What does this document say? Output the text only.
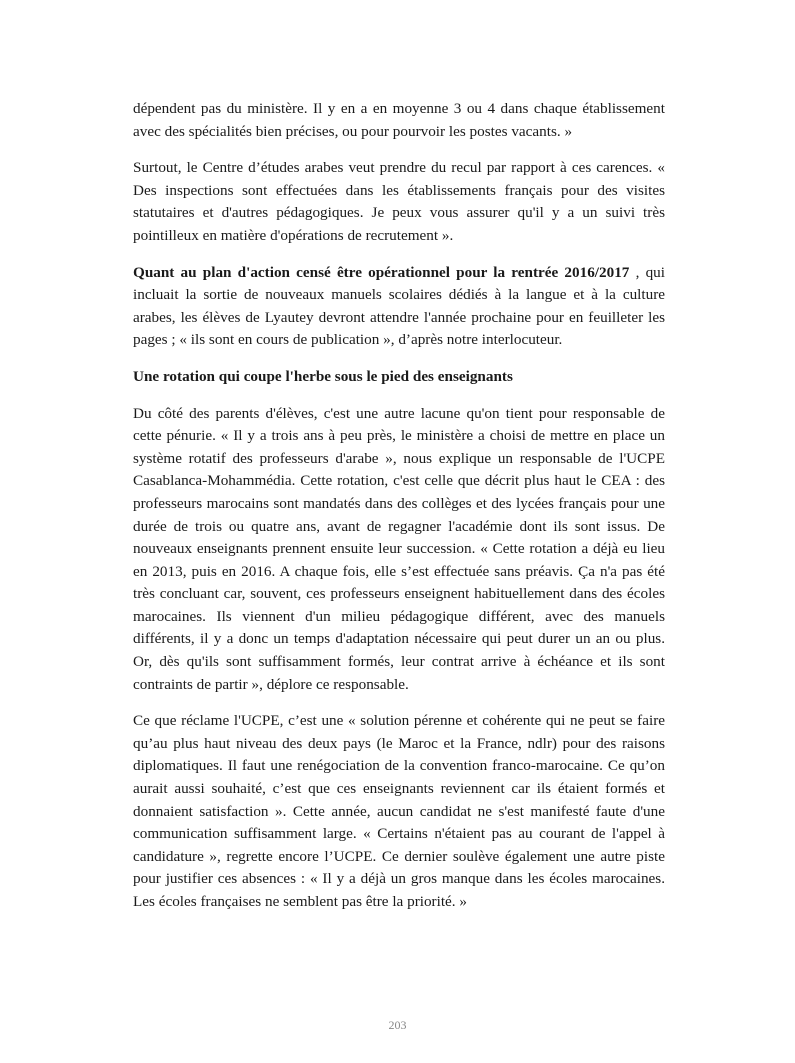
dépendent pas du ministère. Il y en a en moyenne 3 ou 4 dans chaque établissement avec des spécialités bien précises, ou pour pourvoir les postes vacants. »

Surtout, le Centre d’études arabes veut prendre du recul par rapport à ces carences. « Des inspections sont effectuées dans les établissements français pour des visites statutaires et d'autres pédagogiques. Je peux vous assurer qu'il y a un suivi très pointilleux en matière d'opérations de recrutement ».

Quant au plan d'action censé être opérationnel pour la rentrée 2016/2017 , qui incluait la sortie de nouveaux manuels scolaires dédiés à la langue et à la culture arabes, les élèves de Lyautey devront attendre l'année prochaine pour en feuilleter les pages ; « ils sont en cours de publication », d’après notre interlocuteur.

Une rotation qui coupe l'herbe sous le pied des enseignants

Du côté des parents d'élèves, c'est une autre lacune qu'on tient pour responsable de cette pénurie. « Il y a trois ans à peu près, le ministère a choisi de mettre en place un système rotatif des professeurs d'arabe », nous explique un responsable de l'UCPE Casablanca-Mohammédia. Cette rotation, c'est celle que décrit plus haut le CEA : des professeurs marocains sont mandatés dans des collèges et des lycées français pour une durée de trois ou quatre ans, avant de regagner l'académie dont ils sont issus. De nouveaux enseignants prennent ensuite leur succession. « Cette rotation a déjà eu lieu en 2013, puis en 2016. A chaque fois, elle s’est effectuée sans préavis. Ça n'a pas été très concluant car, souvent, ces professeurs enseignent habituellement dans des écoles marocaines. Ils viennent d'un milieu pédagogique différent, avec des manuels différents, il y a donc un temps d'adaptation nécessaire qui peut durer un an ou plus. Or, dès qu'ils sont suffisamment formés, leur contrat arrive à échéance et ils sont contraints de partir », déplore ce responsable.

Ce que réclame l'UCPE, c’est une « solution pérenne et cohérente qui ne peut se faire qu’au plus haut niveau des deux pays (le Maroc et la France, ndlr) pour des raisons diplomatiques. Il faut une renégociation de la convention franco-marocaine. Ce qu’on aurait aussi souhaité, c’est que ces enseignants reviennent car ils étaient formés et donnaient satisfaction ». Cette année, aucun candidat ne s'est manifesté faute d'une communication suffisamment large. « Certains n'étaient pas au courant de l'appel à candidature », regrette encore l’UCPE. Ce dernier soulève également une autre piste pour justifier ces absences : « Il y a déjà un gros manque dans les écoles marocaines. Les écoles françaises ne semblent pas être la priorité. »

203
